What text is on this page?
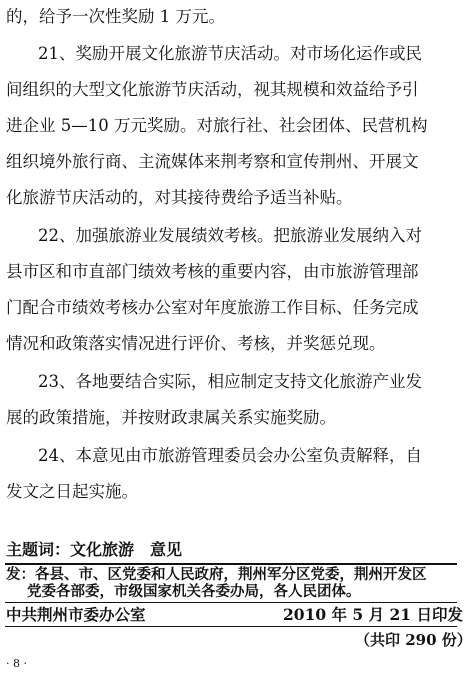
的，给予一次性奖励 1 万元。
21、奖励开展文化旅游节庆活动。对市场化运作或民
间组织的大型文化旅游节庆活动，视其规模和效益给予引
进企业 5—10 万元奖励。对旅行社、社会团体、民营机构
组织境外旅行商、主流媒体来荆考察和宣传荆州、开展文
化旅游节庆活动的，对其接待费给予适当补贴。
22、加强旅游业发展绩效考核。把旅游业发展纳入对
县市区和市直部门绩效考核的重要内容，由市旅游管理部
门配合市绩效考核办公室对年度旅游工作目标、任务完成
情况和政策落实情况进行评价、考核，并奖惩兑现。
23、各地要结合实际，相应制定支持文化旅游产业发
展的政策措施，并按财政隶属关系实施奖励。
24、本意见由市旅游管理委员会办公室负责解释，自
发文之日起实施。
主题词：文化旅游　意见
发：各县、市、区党委和人民政府，荆州军分区党委，荆州开发区
党委各部委，市级国家机关各委办局，各人民团体。
中共荆州市委办公室	2010 年 5 月 21 日印发
（共印 290 份）
· 8 ·
